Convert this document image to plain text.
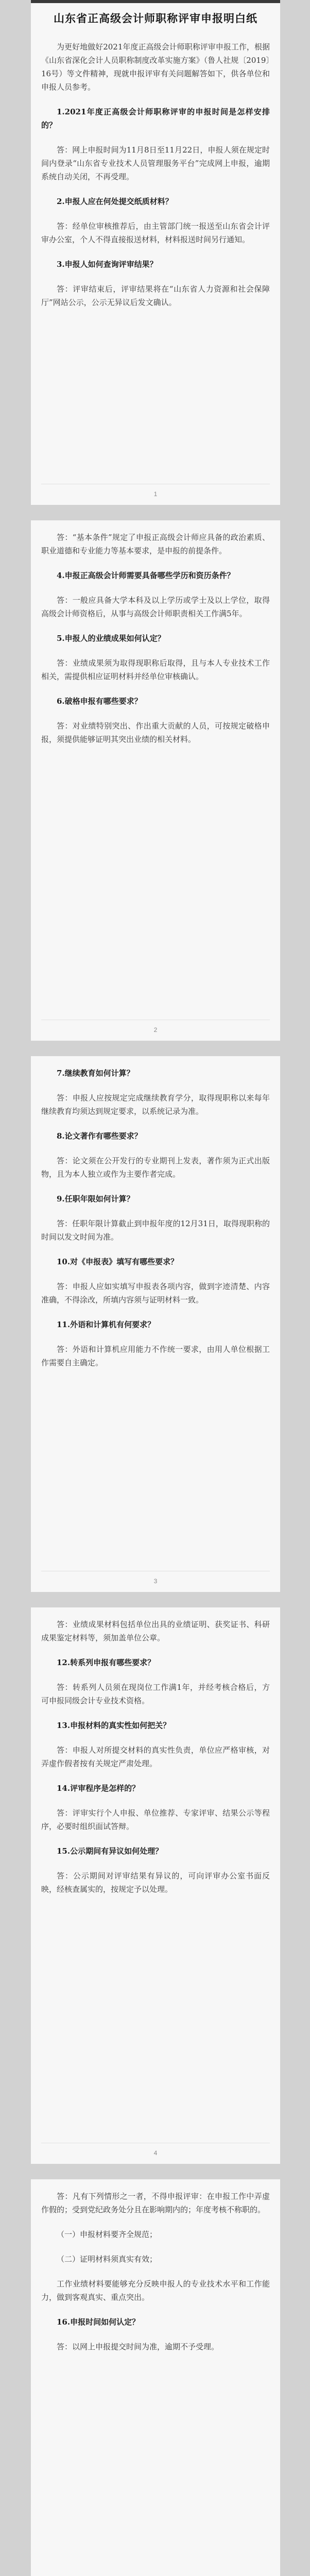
山东省正高级会计师职称评审申报明白纸

为更好地做好2021年度正高级会计师职称评审申报工作，根据《山东省深化会计人员职称制度改革实施方案》（鲁人社规〔2019〕16号）等文件精神，现就申报评审有关问题解答如下，供各单位和申报人员参考。

1.2021年度正高级会计师职称评审的申报时间是怎样安排的？

答：网上申报时间为11月8日至11月22日，申报人须在规定时间内登录“山东省专业技术人员管理服务平台”完成网上申报，逾期系统自动关闭，不再受理。

2.申报人应在何处提交纸质材料？

答：经单位审核推荐后，由主管部门统一报送至山东省会计评审办公室，个人不得直接报送材料，材料报送时间另行通知。

3.申报人如何查询评审结果？

答：评审结束后，评审结果将在“山东省人力资源和社会保障厅”网站公示，公示无异议后发文确认。

1

答：“基本条件”规定了申报正高级会计师应具备的政治素质、职业道德和专业能力等基本要求，是申报的前提条件。

4.申报正高级会计师需要具备哪些学历和资历条件？

答：一般应具备大学本科及以上学历或学士及以上学位，取得高级会计师资格后，从事与高级会计师职责相关工作满5年。

5.申报人的业绩成果如何认定？

答：业绩成果须为取得现职称后取得，且与本人专业技术工作相关，需提供相应证明材料并经单位审核确认。

6.破格申报有哪些要求？

答：对业绩特别突出、作出重大贡献的人员，可按规定破格申报，须提供能够证明其突出业绩的相关材料。

2

7.继续教育如何计算？

答：申报人应按规定完成继续教育学分，取得现职称以来每年继续教育均须达到规定要求，以系统记录为准。

8.论文著作有哪些要求？

答：论文须在公开发行的专业期刊上发表，著作须为正式出版物，且为本人独立或作为主要作者完成。

9.任职年限如何计算？

答：任职年限计算截止到申报年度的12月31日，取得现职称的时间以发文时间为准。

10.对《申报表》填写有哪些要求？

答：申报人应如实填写申报表各项内容，做到字迹清楚、内容准确，不得涂改，所填内容须与证明材料一致。

11.外语和计算机有何要求？

答：外语和计算机应用能力不作统一要求，由用人单位根据工作需要自主确定。

3

答：业绩成果材料包括单位出具的业绩证明、获奖证书、科研成果鉴定材料等，须加盖单位公章。

12.转系列申报有哪些要求？

答：转系列人员须在现岗位工作满1年，并经考核合格后，方可申报同级会计专业技术资格。

13.申报材料的真实性如何把关？

答：申报人对所提交材料的真实性负责，单位应严格审核，对弄虚作假者按有关规定严肃处理。

14.评审程序是怎样的？

答：评审实行个人申报、单位推荐、专家评审、结果公示等程序，必要时组织面试答辩。

15.公示期间有异议如何处理？

答：公示期间对评审结果有异议的，可向评审办公室书面反映，经核查属实的，按规定予以处理。

4

答：凡有下列情形之一者，不得申报评审：在申报工作中弄虚作假的；受到党纪政务处分且在影响期内的；年度考核不称职的。

（一）申报材料要齐全规范；

（二）证明材料须真实有效；

工作业绩材料要能够充分反映申报人的专业技术水平和工作能力，做到客观真实、重点突出。

16.申报时间如何认定？

答：以网上申报提交时间为准，逾期不予受理。
